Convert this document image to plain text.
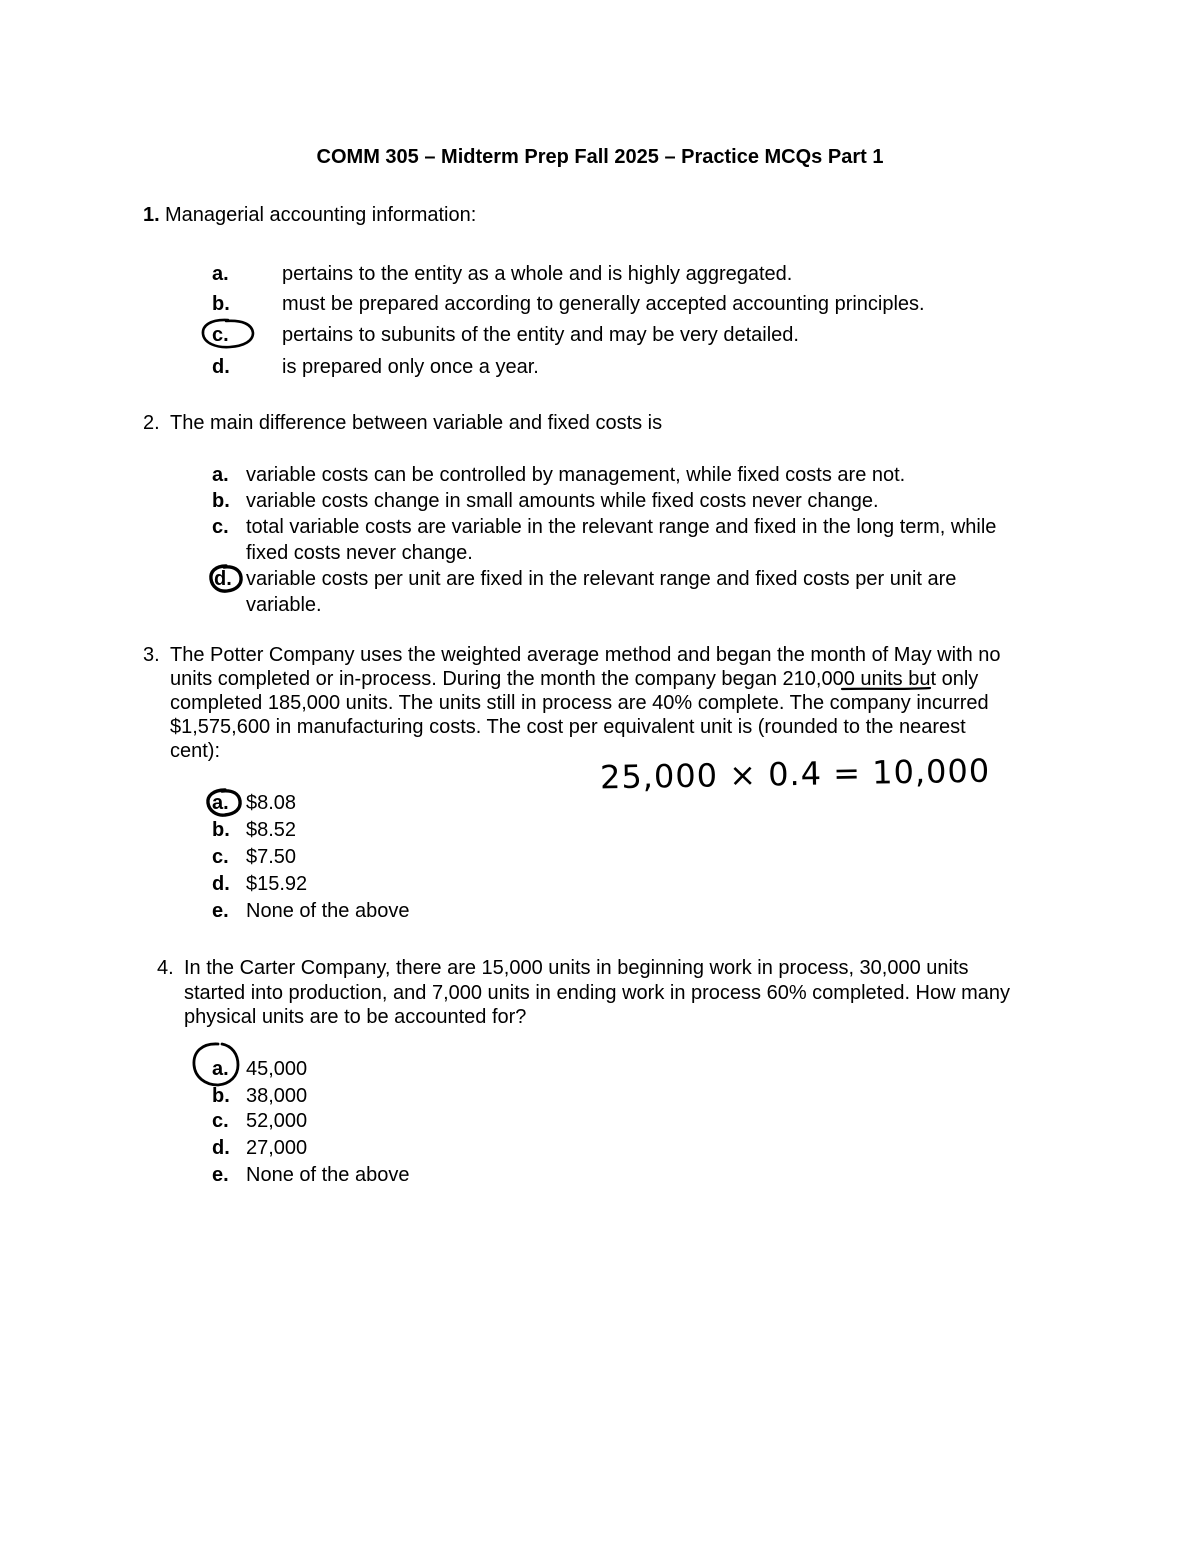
COMM 305 – Midterm Prep Fall 2025 – Practice MCQs Part 1
1. Managerial accounting information:
a.	pertains to the entity as a whole and is highly aggregated.
b.	must be prepared according to generally accepted accounting principles.
c.	pertains to subunits of the entity and may be very detailed.
d.	is prepared only once a year.
2. The main difference between variable and fixed costs is
a. variable costs can be controlled by management, while fixed costs are not.
b. variable costs change in small amounts while fixed costs never change.
c. total variable costs are variable in the relevant range and fixed in the long term, while
fixed costs never change.
d. variable costs per unit are fixed in the relevant range and fixed costs per unit are
variable.
3. The Potter Company uses the weighted average method and began the month of May with no
units completed or in-process. During the month the company began 210,000 units but only
completed 185,000 units. The units still in process are 40% complete. The company incurred
$1,575,600 in manufacturing costs. The cost per equivalent unit is (rounded to the nearest
cent):
25,000 × 0.4 = 10,000
a. $8.08
b. $8.52
c. $7.50
d. $15.92
e. None of the above
4. In the Carter Company, there are 15,000 units in beginning work in process, 30,000 units
started into production, and 7,000 units in ending work in process 60% completed. How many
physical units are to be accounted for?
a. 45,000
b. 38,000
c. 52,000
d. 27,000
e. None of the above
